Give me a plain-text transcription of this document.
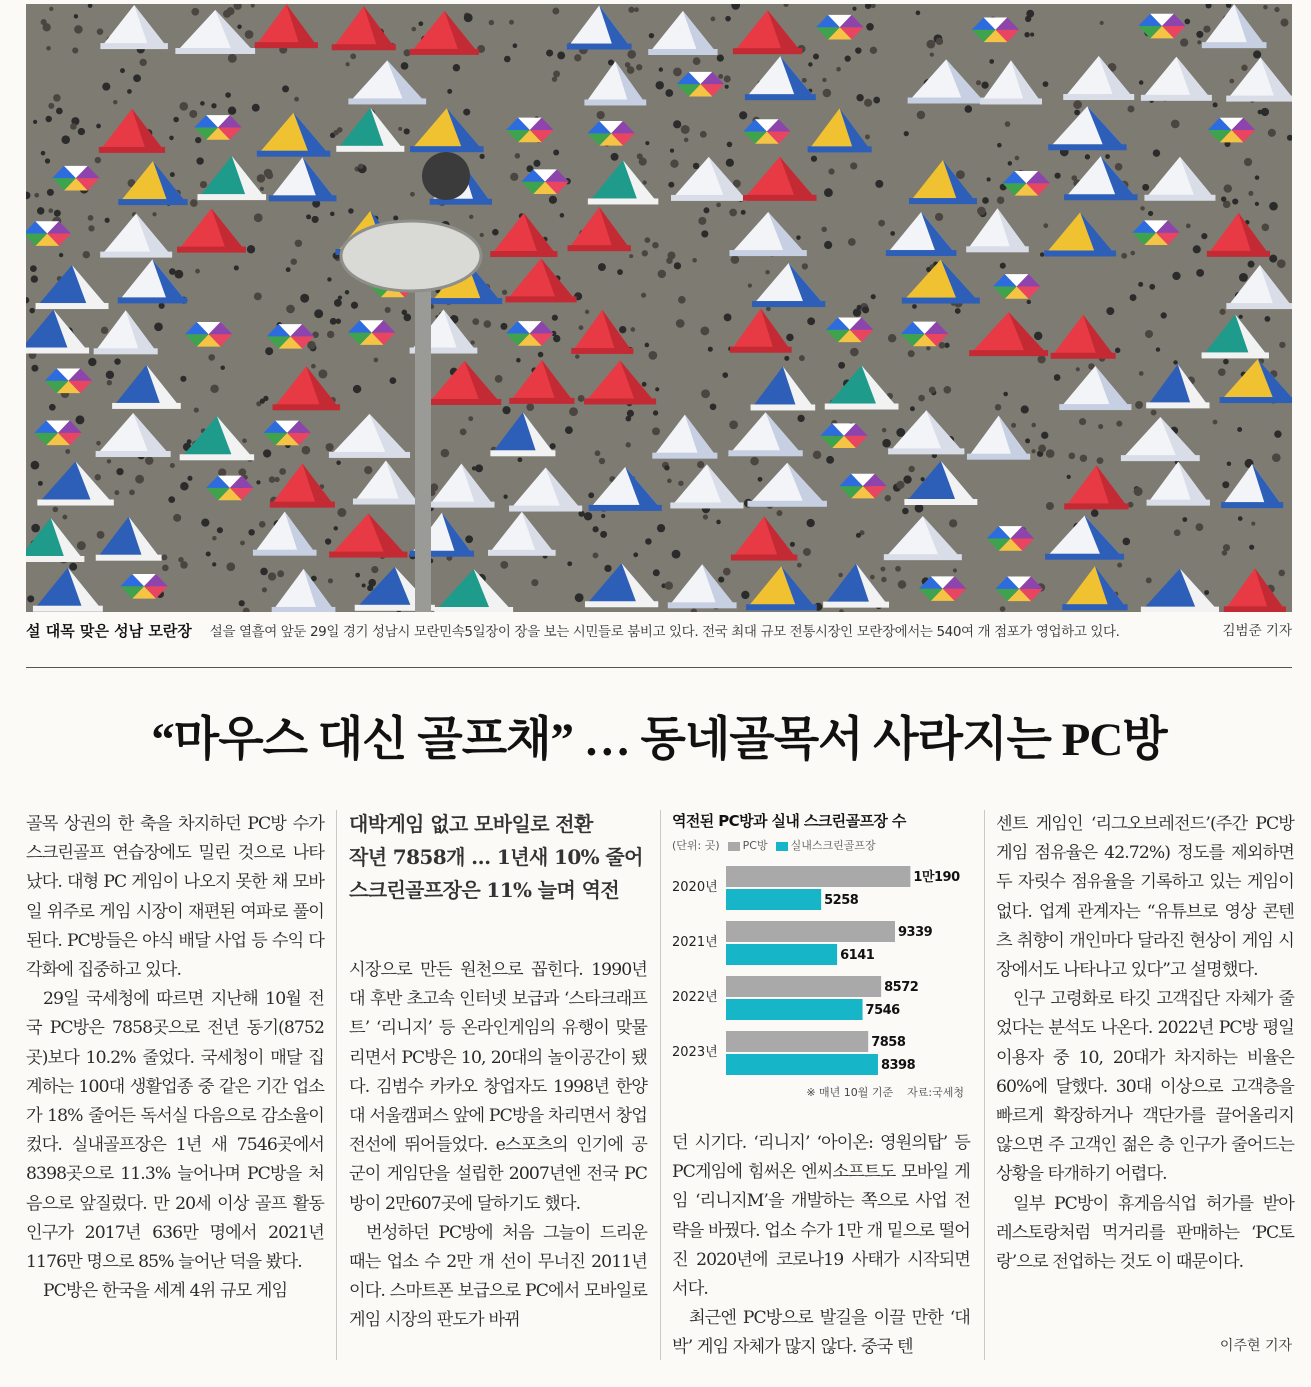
설 대목 맞은 성남 모란장 설을 열흘여 앞둔 29일 경기 성남시 모란민속5일장이 장을 보는 시민들로 붐비고 있다. 전국 최대 규모 전통시장인 모란장에서는 540여 개 점포가 영업하고 있다.	김범준 기자
“마우스 대신 골프채” … 동네골목서 사라지는 PC방

골목 상권의 한 축을 차지하던 PC방 수가 스크린골프 연습장에도 밀린 것으로 나타났다. 대형 PC 게임이 나오지 못한 채 모바일 위주로 게임 시장이 재편된 여파로 풀이된다. PC방들은 야식 배달 사업 등 수익 다각화에 집중하고 있다.

29일 국세청에 따르면 지난해 10월 전국 PC방은 7858곳으로 전년 동기(8752곳)보다 10.2% 줄었다. 국세청이 매달 집계하는 100대 생활업종 중 같은 기간 업소가 18% 줄어든 독서실 다음으로 감소율이 컸다. 실내골프장은 1년 새 7546곳에서 8398곳으로 11.3% 늘어나며 PC방을 처음으로 앞질렀다. 만 20세 이상 골프 활동 인구가 2017년 636만 명에서 2021년 1176만 명으로 85% 늘어난 덕을 봤다.

PC방은 한국을 세계 4위 규모 게임

대박게임 없고 모바일로 전환
작년 7858개 … 1년새 10% 줄어
스크린골프장은 11% 늘며 역전

시장으로 만든 원천으로 꼽힌다. 1990년대 후반 초고속 인터넷 보급과 ‘스타크래프트’ ‘리니지’ 등 온라인게임의 유행이 맞물리면서 PC방은 10, 20대의 놀이공간이 됐다. 김범수 카카오 창업자도 1998년 한양대 서울캠퍼스 앞에 PC방을 차리면서 창업 전선에 뛰어들었다. e스포츠의 인기에 공군이 게임단을 설립한 2007년엔 전국 PC방이 2만607곳에 달하기도 했다.

번성하던 PC방에 처음 그늘이 드리운 때는 업소 수 2만 개 선이 무너진 2011년이다. 스마트폰 보급으로 PC에서 모바일로 게임 시장의 판도가 바뀌

역전된 PC방과 실내 스크린골프장 수
(단위: 곳)	PC방	실내스크린골프장
2020년
1만190
5258
2021년
9339
6141
2022년
8572
7546
2023년
7858
8398
※ 매년 10월 기준 자료:국세청

던 시기다. ‘리니지’ ‘아이온: 영원의탑’ 등 PC게임에 힘써온 엔씨소프트도 모바일 게임 ‘리니지M’을 개발하는 쪽으로 사업 전략을 바꿨다. 업소 수가 1만 개 밑으로 떨어진 2020년에 코로나19 사태가 시작되면서다.

최근엔 PC방으로 발길을 이끌 만한 ‘대박’ 게임 자체가 많지 않다. 중국 텐

센트 게임인 ‘리그오브레전드’(주간 PC방 게임 점유율은 42.72%) 정도를 제외하면 두 자릿수 점유율을 기록하고 있는 게임이 없다. 업계 관계자는 “유튜브로 영상 콘텐츠 취향이 개인마다 달라진 현상이 게임 시장에서도 나타나고 있다”고 설명했다.

인구 고령화로 타깃 고객집단 자체가 줄었다는 분석도 나온다. 2022년 PC방 평일 이용자 중 10, 20대가 차지하는 비율은 60%에 달했다. 30대 이상으로 고객층을 빠르게 확장하거나 객단가를 끌어올리지 않으면 주 고객인 젊은 층 인구가 줄어드는 상황을 타개하기 어렵다.

일부 PC방이 휴게음식업 허가를 받아 레스토랑처럼 먹거리를 판매하는 ‘PC토랑’으로 전업하는 것도 이 때문이다.

이주현 기자
